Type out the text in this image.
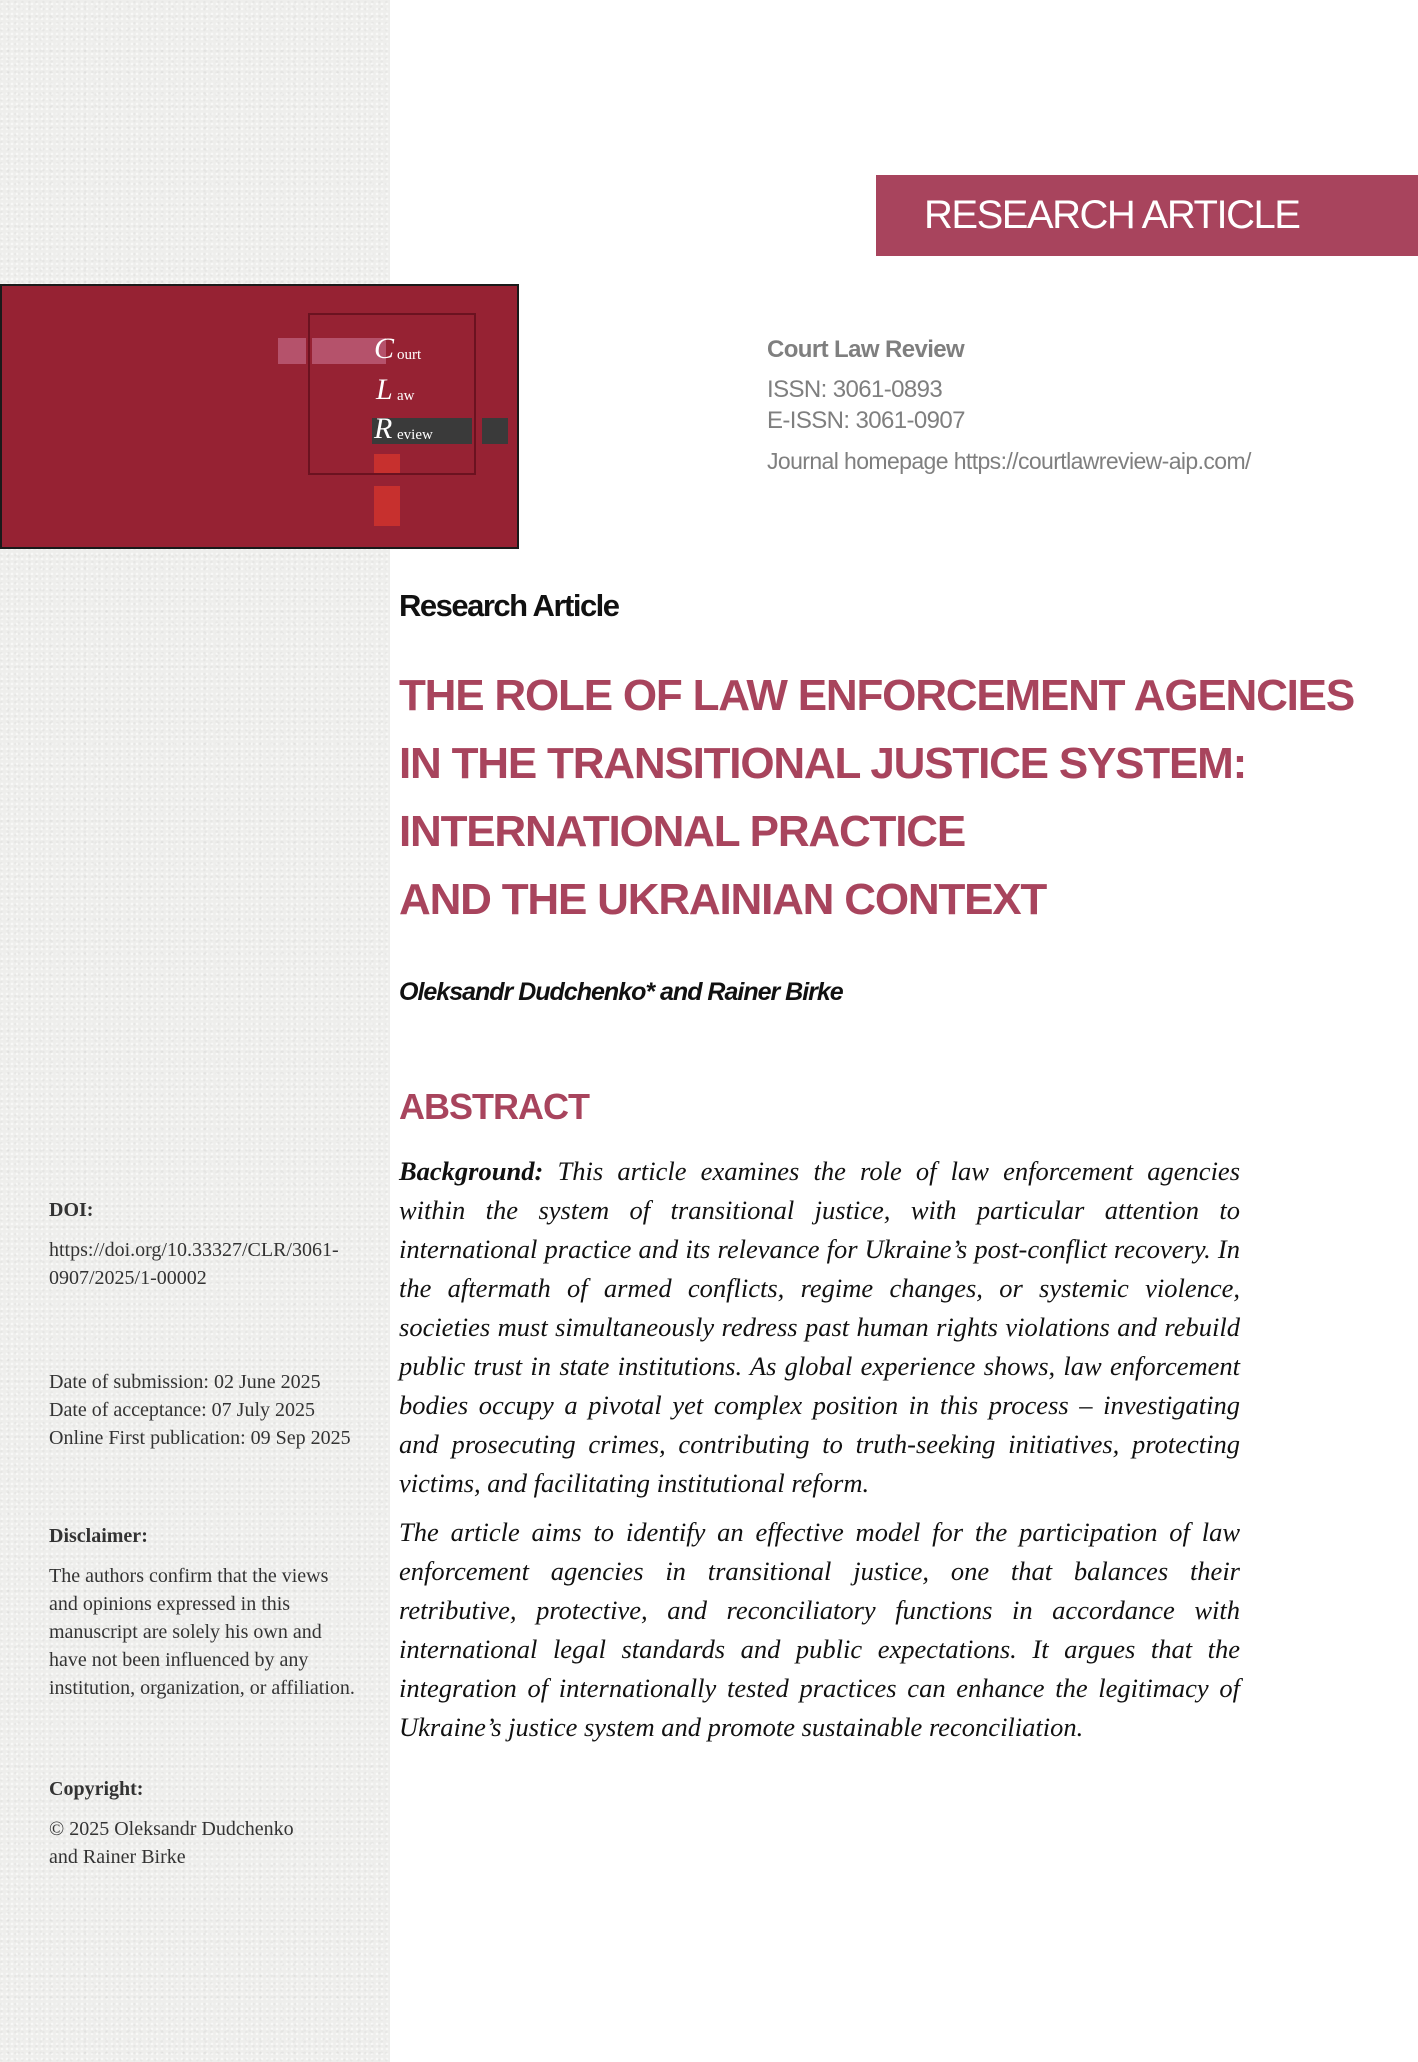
RESEARCH ARTICLE
C ourt
L aw
R eview
Court Law Review
ISSN: 3061-0893
E-ISSN: 3061-0907
Journal homepage https://courtlawreview-aip.com/
Research Article
THE ROLE OF LAW ENFORCEMENT AGENCIES
IN THE TRANSITIONAL JUSTICE SYSTEM:
INTERNATIONAL PRACTICE
AND THE UKRAINIAN CONTEXT
Oleksandr Dudchenko* and Rainer Birke
ABSTRACT

Background: This article examines the role of law enforcement agencies within the system of transitional justice, with particular attention to international practice and its relevance for Ukraine’s post-conflict recovery. In the aftermath of armed conflicts, regime changes, or systemic violence, societies must simultaneously redress past human rights violations and rebuild public trust in state institutions. As global experience shows, law enforcement bodies occupy a pivotal yet complex position in this process – investigating and prosecuting crimes, contributing to truth-seeking initiatives, protecting victims, and facilitating institutional reform.

The article aims to identify an effective model for the participation of law enforcement agencies in transitional justice, one that balances their retributive, protective, and reconciliatory functions in accordance with international legal standards and public expectations. It argues that the integration of internationally tested practices can enhance the legitimacy of Ukraine’s justice system and promote sustainable reconciliation.

DOI:
https://doi.org/10.33327/CLR/3061-
0907/2025/1-00002
Date of submission: 02 June 2025
Date of acceptance: 07 July 2025
Online First publication: 09 Sep 2025
Disclaimer:
The authors confirm that the views
and opinions expressed in this
manuscript are solely his own and
have not been influenced by any
institution, organization, or affiliation.
Copyright:
© 2025 Oleksandr Dudchenko
and Rainer Birke
